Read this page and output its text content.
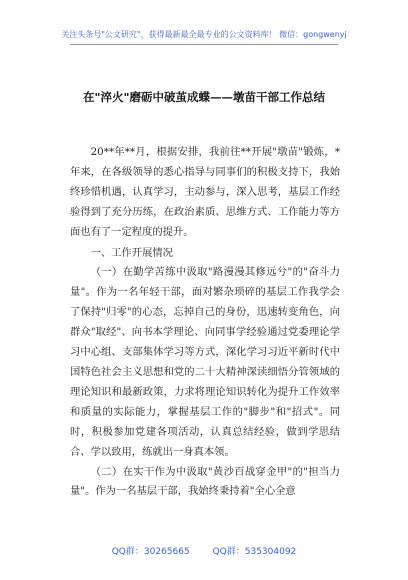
关注头条号"公文研究"，获得最新最全最专业的公文资料库！ 微信：gongwenyj
在"淬火"磨砺中破茧成蝶——墩苗干部工作总结

20**年**月，根据安排，我前往**开展"墩苗"锻炼，*年来，在各级领导的悉心指导与同事们的积极支持下，我始终珍惜机遇，认真学习，主动参与，深入思考，基层工作经验得到了充分历练，在政治素质、思维方式、工作能力等方面也有了一定程度的提升。

一、工作开展情况

（一）在勤学苦练中汲取"路漫漫其修远兮"的"奋斗力量"。作为一名年轻干部，面对繁杂琐碎的基层工作我学会了保持"归零"的心态，忘掉自己的身份，迅速转变角色，向群众"取经"、向书本学理论、向同事学经验通过党委理论学习中心组、支部集体学习等方式，深化学习习近平新时代中国特色社会主义思想和党的二十大精神深读细悟分管领域的理论知识和最新政策，力求将理论知识转化为提升工作效率和质量的实际能力，掌握基层工作的"脚步"和"招式"。同时，积极参加党建各项活动，认真总结经验，做到学思结合、学以致用，练就出一身真本领。

（二）在实干作为中汲取"黄沙百战穿金甲"的"担当力量"。作为一名基层干部，我始终秉持着"全心全意

QQ群：30265665	QQ群：535304092
